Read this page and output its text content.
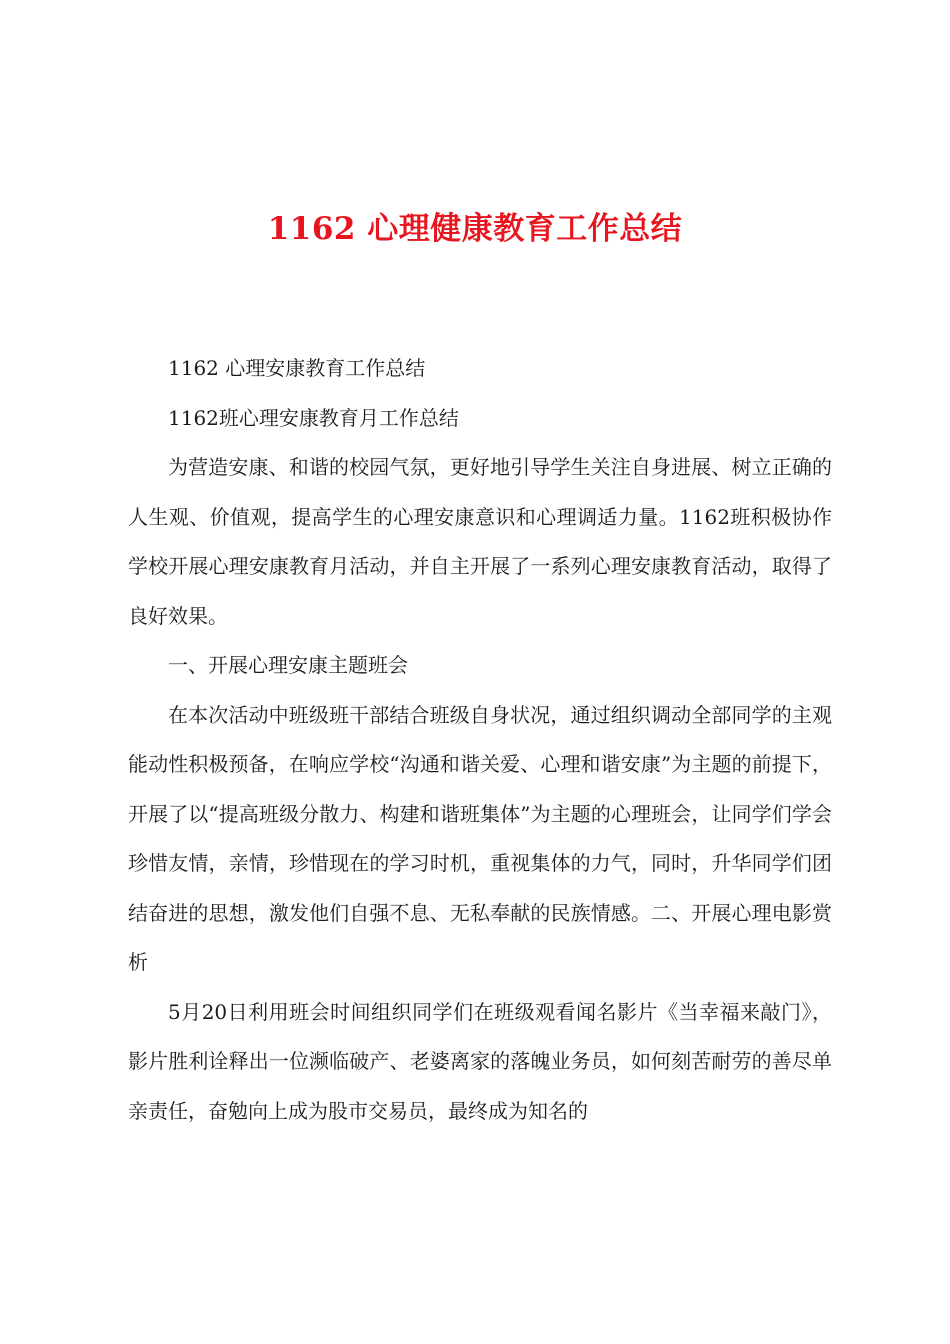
1162 心理健康教育工作总结

1162 心理安康教育工作总结

1162班心理安康教育月工作总结

为营造安康、和谐的校园气氛，更好地引导学生关注自身进展、树立正确的人生观、价值观，提高学生的心理安康意识和心理调适力量。1162班积极协作学校开展心理安康教育月活动，并自主开展了一系列心理安康教育活动，取得了良好效果。

一、开展心理安康主题班会

在本次活动中班级班干部结合班级自身状况，通过组织调动全部同学的主观能动性积极预备，在响应学校“沟通和谐关爱、心理和谐安康”为主题的前提下，开展了以“提高班级分散力、构建和谐班集体”为主题的心理班会，让同学们学会珍惜友情，亲情，珍惜现在的学习时机，重视集体的力气，同时，升华同学们团结奋进的思想，激发他们自强不息、无私奉献的民族情感。二、开展心理电影赏析

5月20日利用班会时间组织同学们在班级观看闻名影片《当幸福来敲门》，影片胜利诠释出一位濒临破产、老婆离家的落魄业务员，如何刻苦耐劳的善尽单亲责任，奋勉向上成为股市交易员，最终成为知名的
